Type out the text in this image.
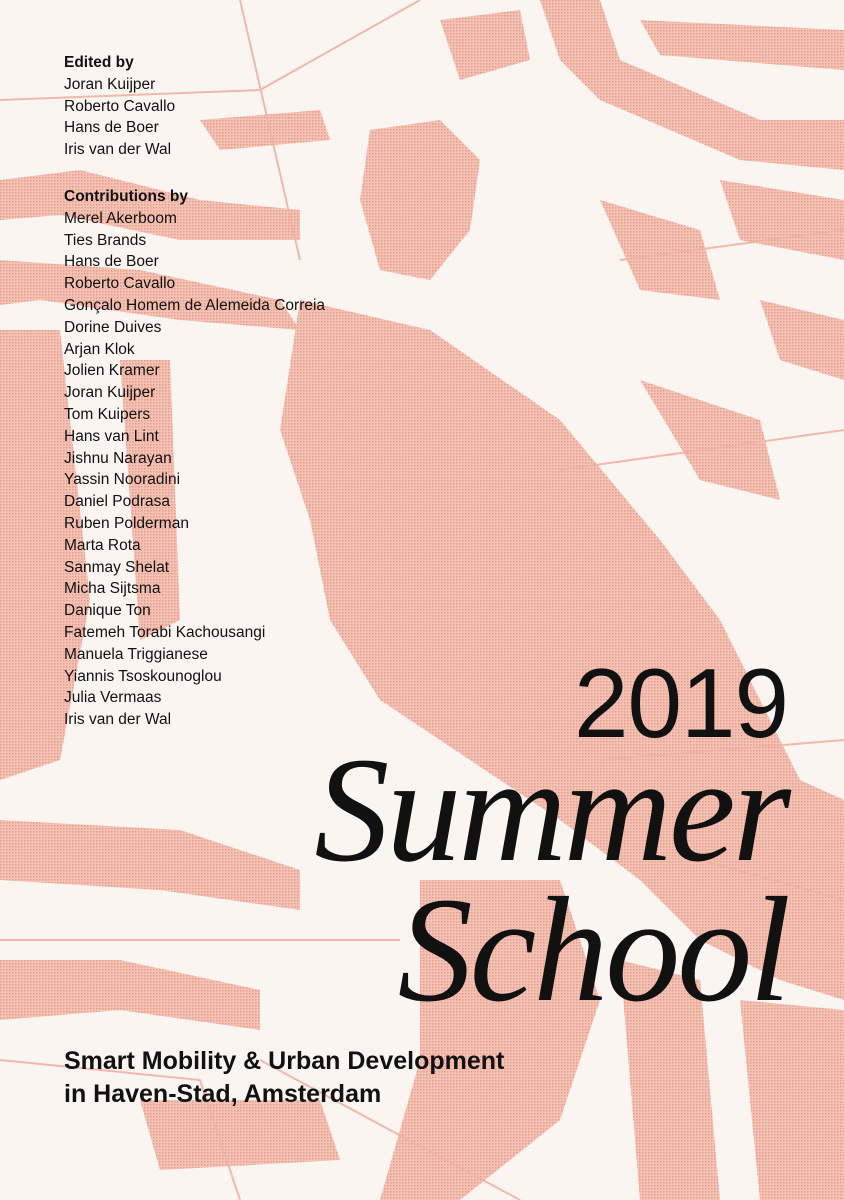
Edited by
Joran Kuijper
Roberto Cavallo
Hans de Boer
Iris van der Wal
Contributions by
Merel Akerboom
Ties Brands
Hans de Boer
Roberto Cavallo
Gonçalo Homem de Alemeida Correia
Dorine Duives
Arjan Klok
Jolien Kramer
Joran Kuijper
Tom Kuipers
Hans van Lint
Jishnu Narayan
Yassin Nooradini
Daniel Podrasa
Ruben Polderman
Marta Rota
Sanmay Shelat
Micha Sijtsma
Danique Ton
Fatemeh Torabi Kachousangi
Manuela Triggianese
Yiannis Tsoskounoglou
Julia Vermaas
Iris van der Wal	2019
Summer
School
Smart Mobility & Urban Development
in Haven-Stad, Amsterdam
